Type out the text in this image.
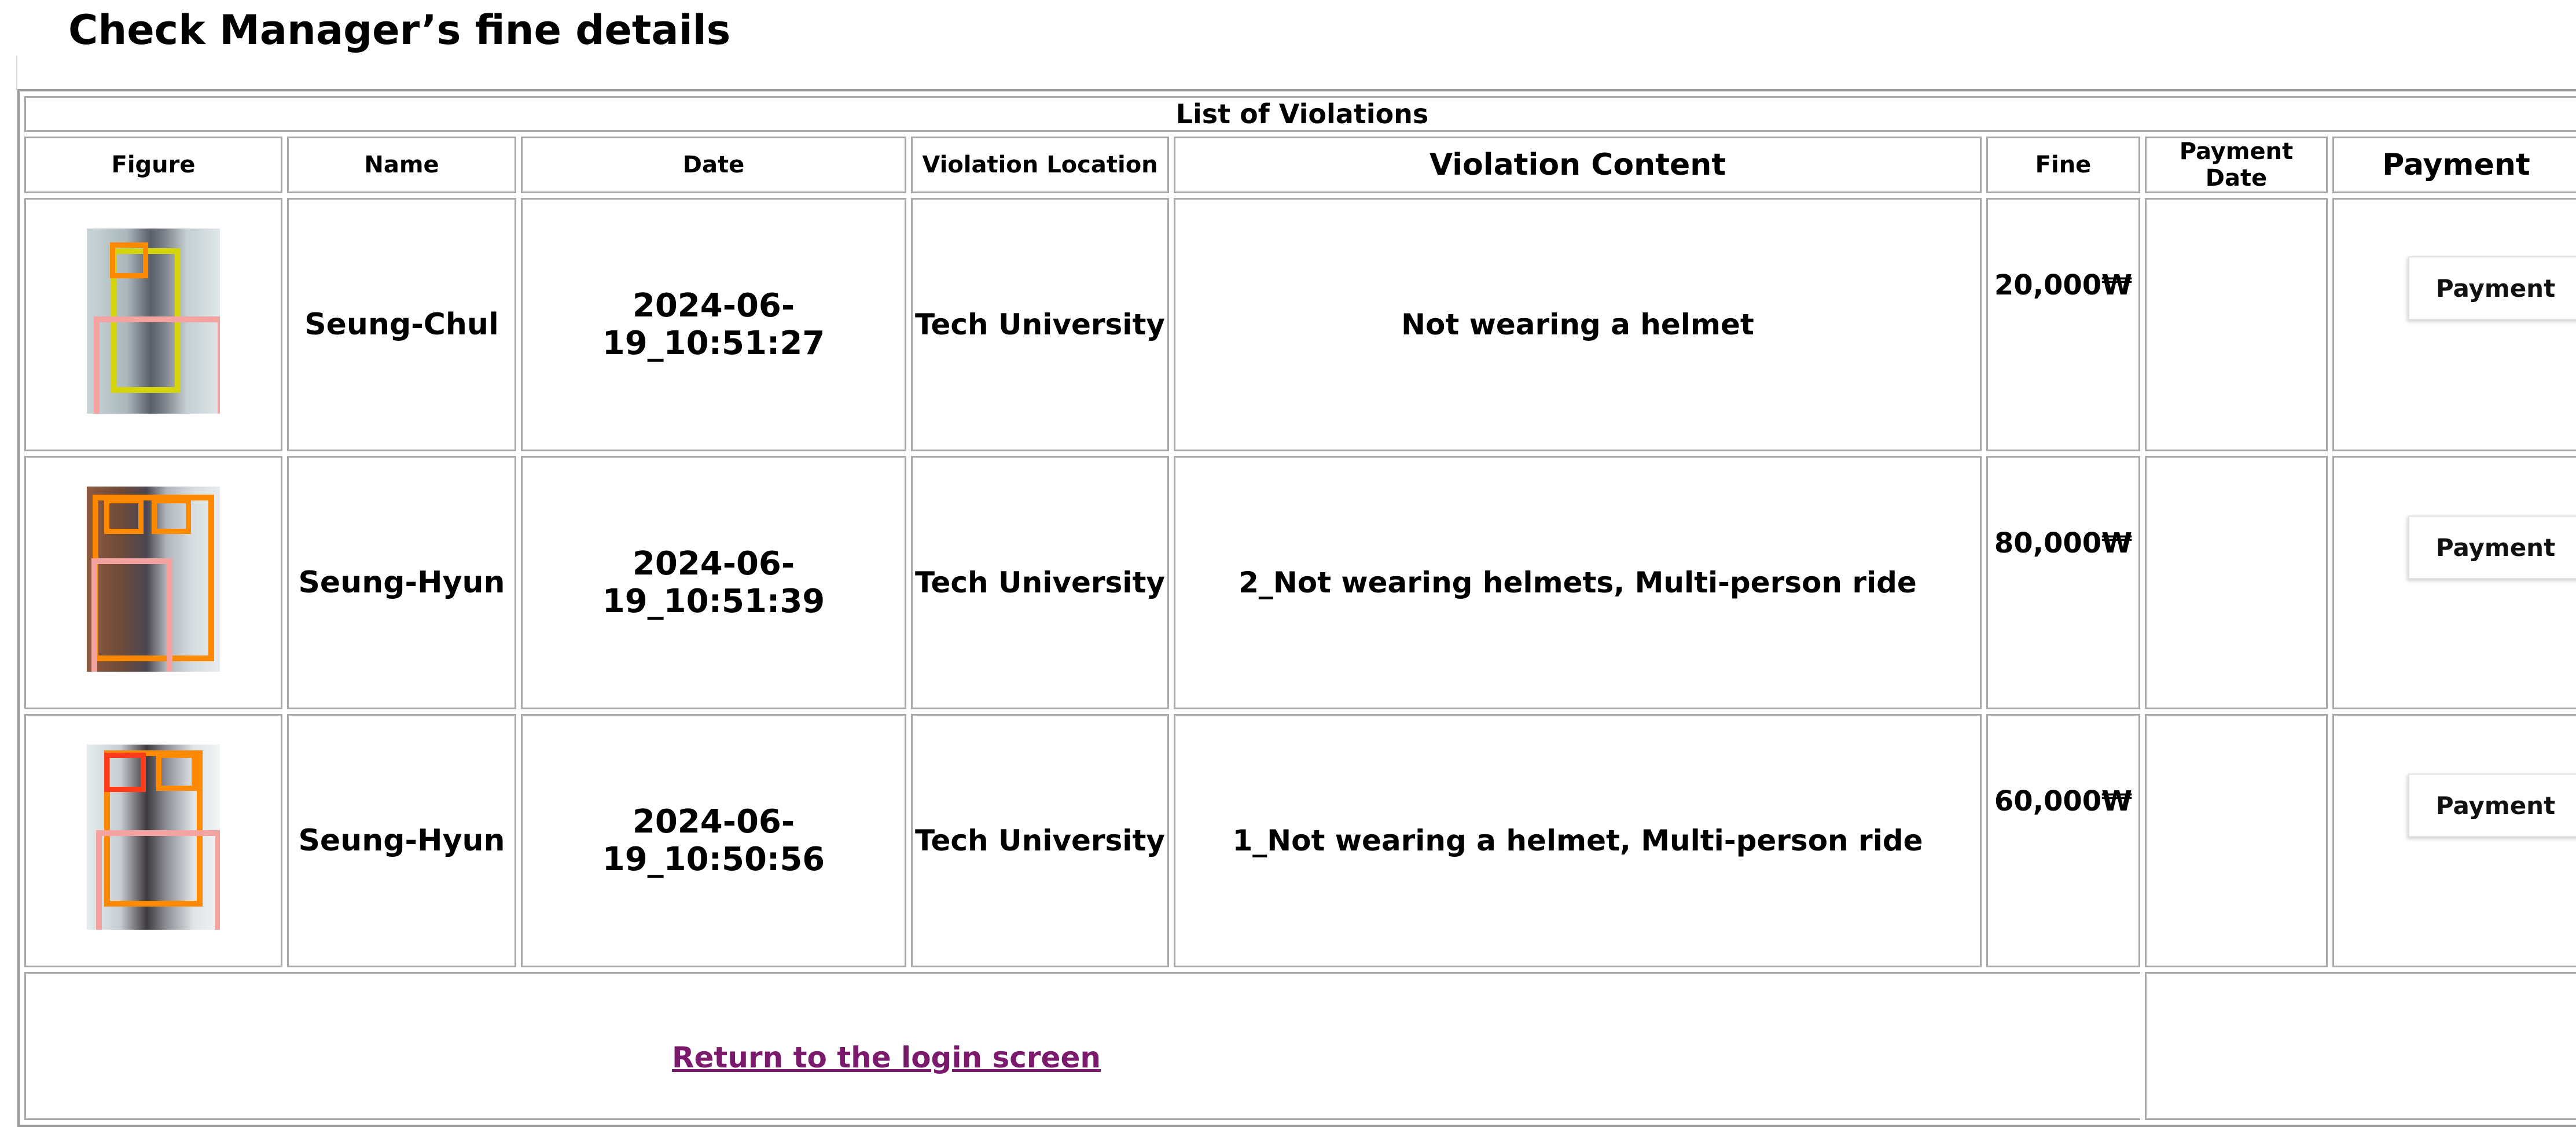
Check Manager’s fine details
List of Violations							
Figure	Name	Date	Violation Location	Violation Content	Fine	Payment Date	Payment

	Seung-Chul	2024-06-19_10:51:27	Tech University	Not wearing a helmet	20,000₩		Payment

	Seung-Hyun	2024-06-19_10:51:39	Tech University	2_Not wearing helmets, Multi-person ride	80,000₩		Payment

	Seung-Hyun	2024-06-19_10:50:56	Tech University	1_Not wearing a helmet, Multi-person ride	60,000₩		Payment

Return to the login screen							
